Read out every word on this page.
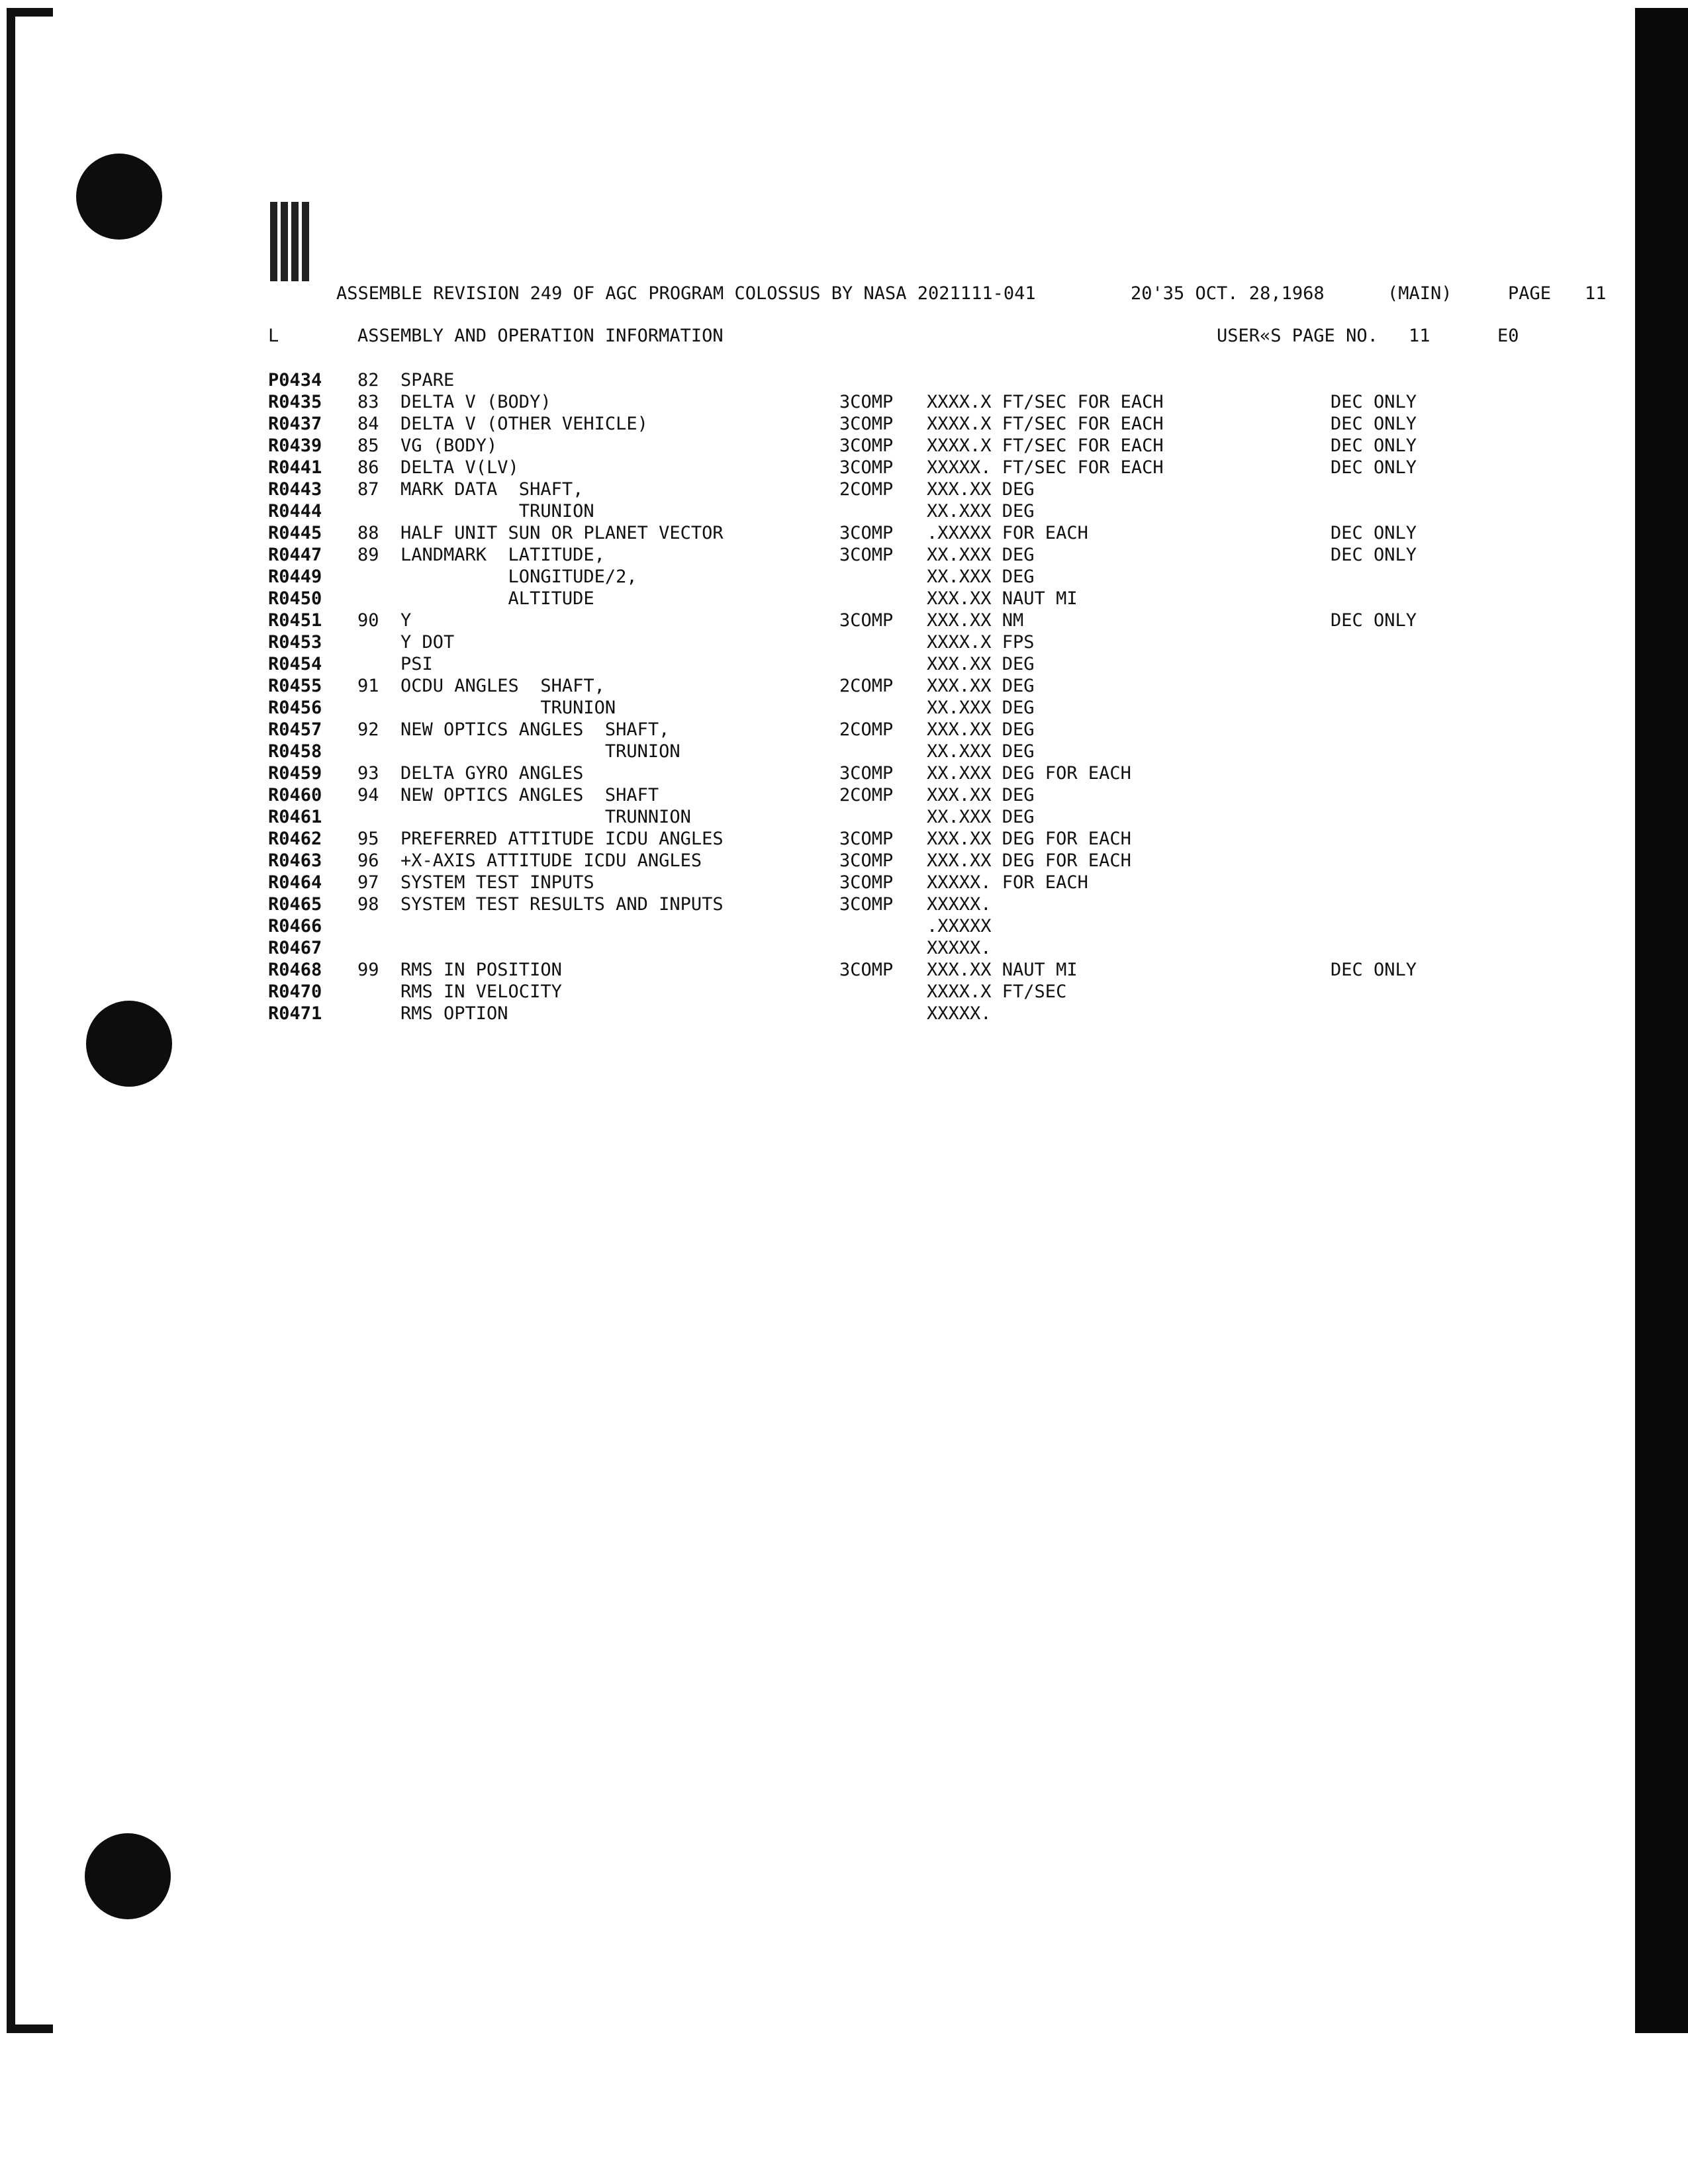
ASSEMBLE REVISION 249 OF AGC PROGRAM COLOSSUS BY NASA 2021111-041

	20'35 OCT. 28,1968

	(MAIN)

	PAGE

11

L

	ASSEMBLY AND OPERATION INFORMATION

	USER«S PAGE NO.

11

	E0

P0434 82 SPARE
R0435 83 DELTA V (BODY)	3COMP XXXX.X FT/SEC FOR EACH	DEC ONLY
R0437 84 DELTA V (OTHER VEHICLE)	3COMP XXXX.X FT/SEC FOR EACH	DEC ONLY
R0439 85 VG (BODY)	3COMP XXXX.X FT/SEC FOR EACH	DEC ONLY
R0441 86 DELTA V(LV)	3COMP XXXXX. FT/SEC FOR EACH	DEC ONLY
R0443 87 MARK DATA  SHAFT,	2COMP XXX.XX DEG
R0444	TRUNION	XX.XXX DEG
R0445 88 HALF UNIT SUN OR PLANET VECTOR	3COMP .XXXXX FOR EACH	DEC ONLY
R0447 89 LANDMARK  LATITUDE,	3COMP XX.XXX DEG	DEC ONLY
R0449	LONGITUDE/2,	XX.XXX DEG
R0450	ALTITUDE	XXX.XX NAUT MI
R0451 90 Y	3COMP XXX.XX NM	DEC ONLY
R0453	Y DOT	XXXX.X FPS
R0454	PSI	XXX.XX DEG
R0455 91 OCDU ANGLES  SHAFT,	2COMP XXX.XX DEG
R0456	TRUNION	XX.XXX DEG
R0457 92 NEW OPTICS ANGLES  SHAFT,	2COMP XXX.XX DEG
R0458	TRUNION	XX.XXX DEG
R0459 93 DELTA GYRO ANGLES	3COMP XX.XXX DEG FOR EACH
R0460 94 NEW OPTICS ANGLES  SHAFT	2COMP XXX.XX DEG
R0461	TRUNNION	XX.XXX DEG
R0462 95 PREFERRED ATTITUDE ICDU ANGLES	3COMP XXX.XX DEG FOR EACH
R0463 96 +X-AXIS ATTITUDE ICDU ANGLES	3COMP XXX.XX DEG FOR EACH
R0464 97 SYSTEM TEST INPUTS	3COMP XXXXX. FOR EACH
R0465 98 SYSTEM TEST RESULTS AND INPUTS	3COMP XXXXX.
R0466	.XXXXX
R0467	XXXXX.
R0468 99 RMS IN POSITION	3COMP XXX.XX NAUT MI	DEC ONLY
R0470	RMS IN VELOCITY	XXXX.X FT/SEC
R0471	RMS OPTION	XXXXX.
